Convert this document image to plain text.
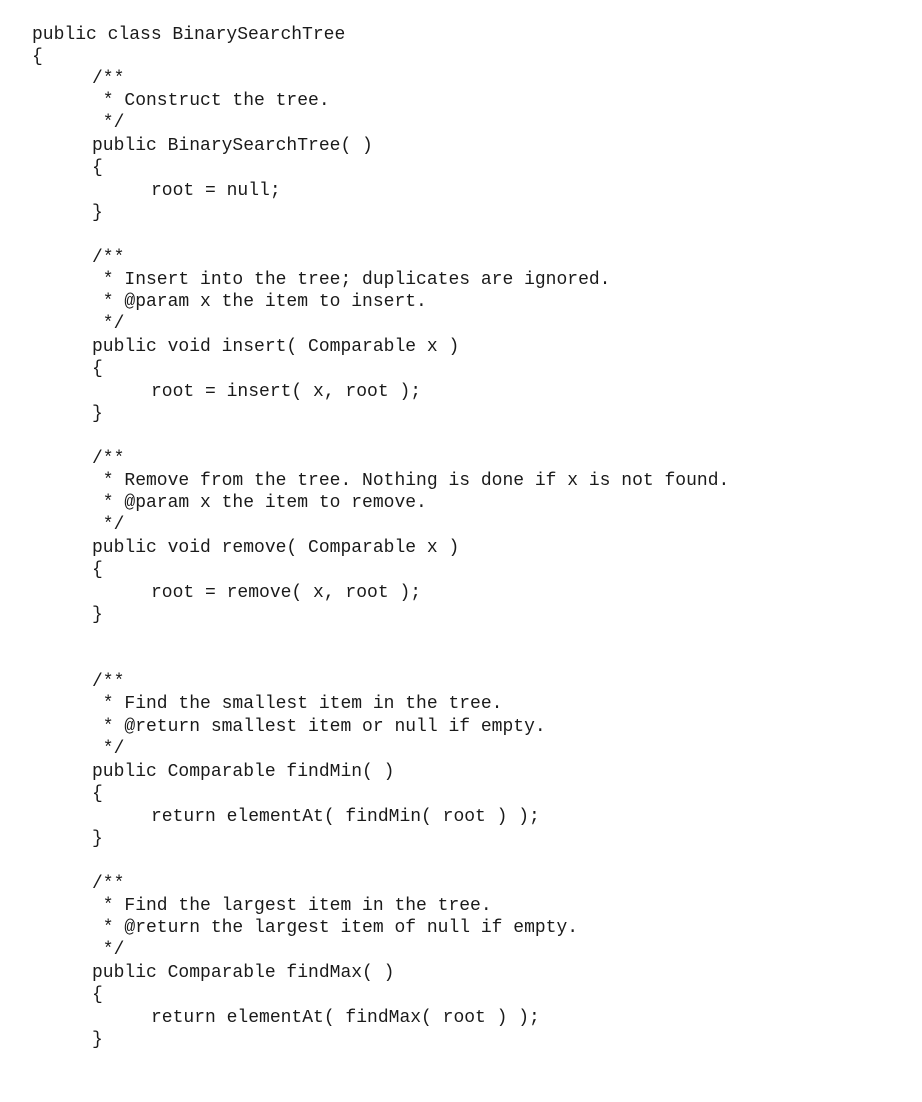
public class BinarySearchTree
{
/**
* Construct the tree.
*/
public BinarySearchTree( )
{
root = null;
}
/**
* Insert into the tree; duplicates are ignored.
* @param x the item to insert.
*/
public void insert( Comparable x )
{
root = insert( x, root );
}
/**
* Remove from the tree. Nothing is done if x is not found.
* @param x the item to remove.
*/
public void remove( Comparable x )
{
root = remove( x, root );
}
/**
* Find the smallest item in the tree.
* @return smallest item or null if empty.
*/
public Comparable findMin( )
{
return elementAt( findMin( root ) );
}
/**
* Find the largest item in the tree.
* @return the largest item of null if empty.
*/
public Comparable findMax( )
{
return elementAt( findMax( root ) );
}
